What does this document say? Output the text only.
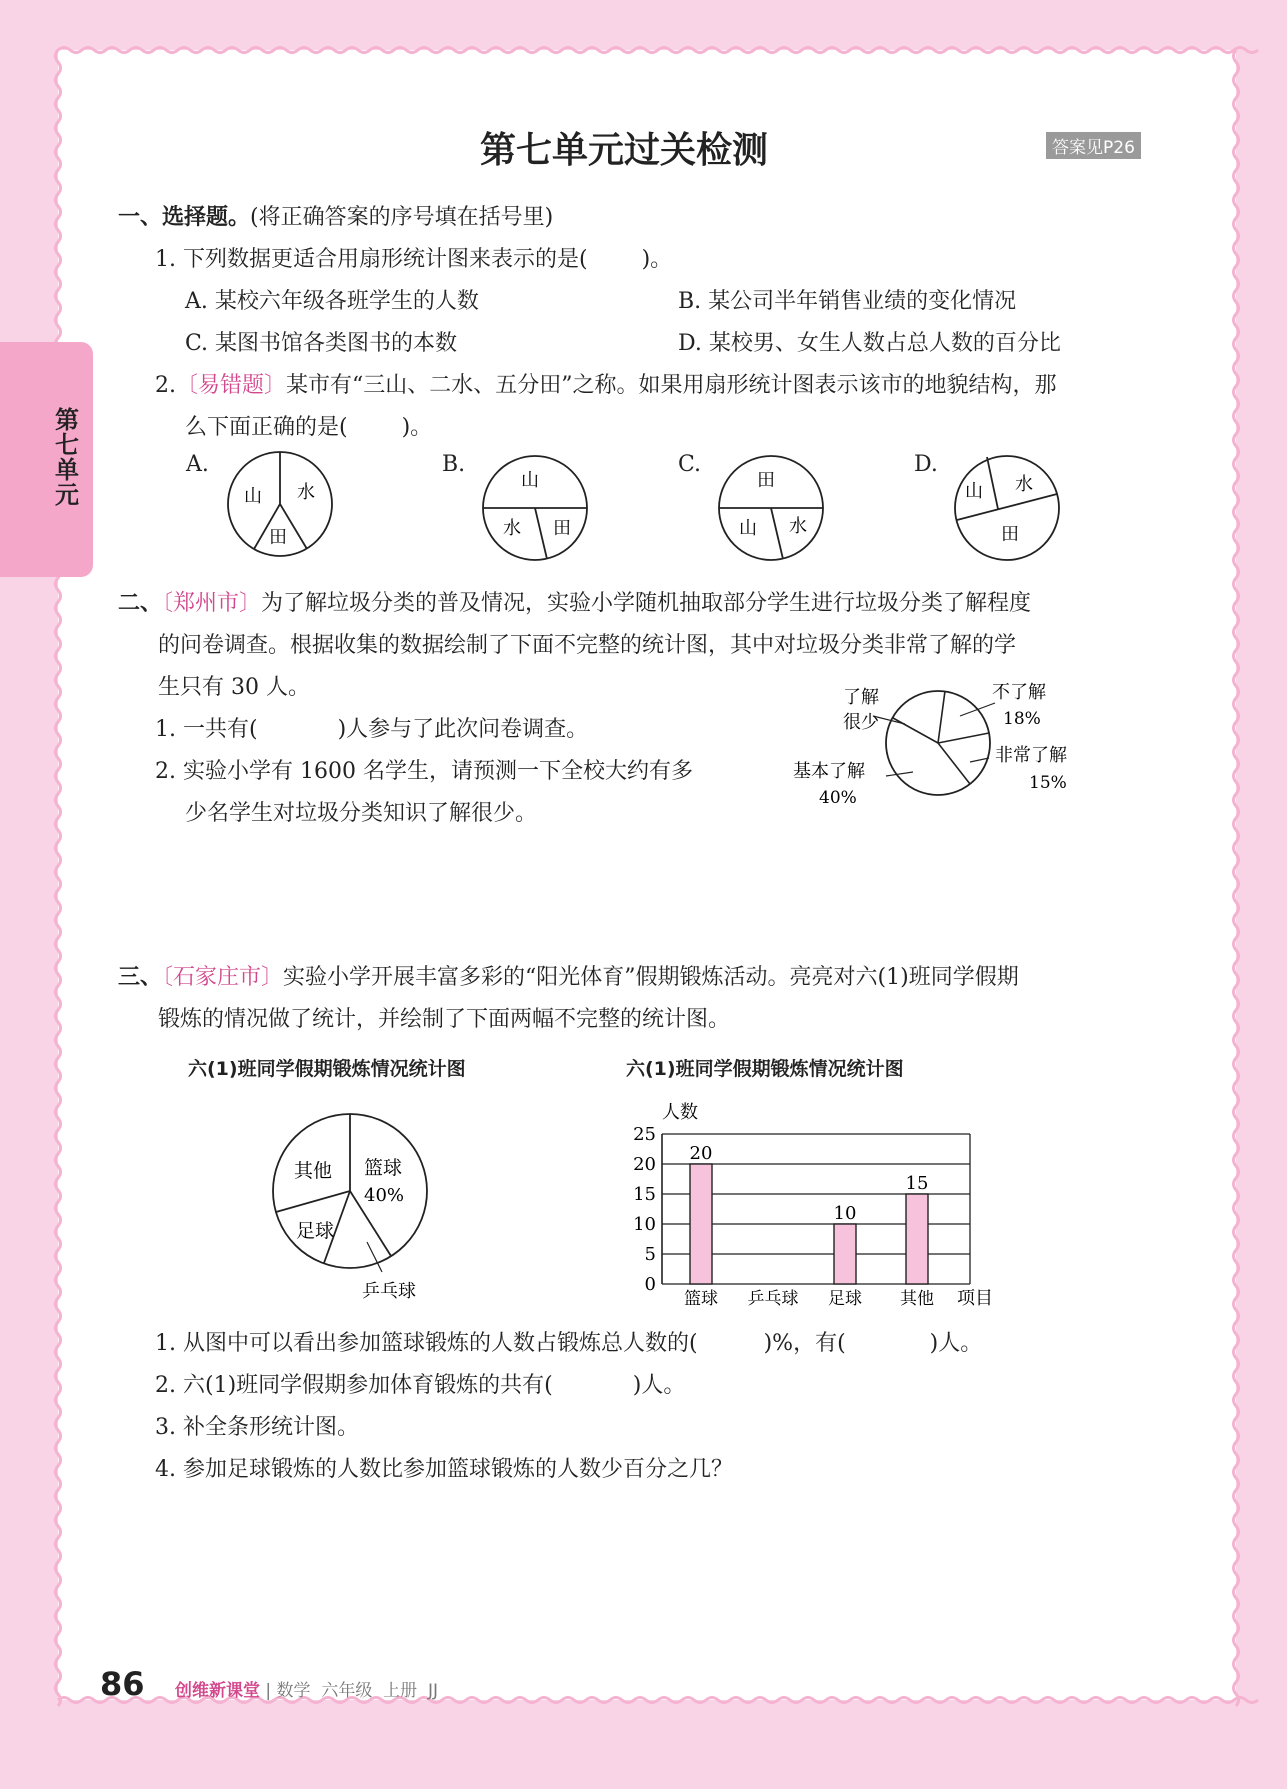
第
七
单
元
第七单元过关检测	答案见P26
一、选择题。(将正确答案的序号填在括号里)
1. 下列数据更适合用扇形统计图来表示的是( )。
A. 某校六年级各班学生的人数	B. 某公司半年销售业绩的变化情况
C. 某图书馆各类图书的本数	D. 某校男、女生人数占总人数的百分比
2.〔易错题〕某市有“三山、二水、五分田”之称。如果用扇形统计图表示该市的地貌结构，那
么下面正确的是( )。
A.	B.	C.	D.
山 水
田
山
水 田
田
山 水
山 水
田
二、〔郑州市〕为了解垃圾分类的普及情况，实验小学随机抽取部分学生进行垃圾分类了解程度
的问卷调查。根据收集的数据绘制了下面不完整的统计图，其中对垃圾分类非常了解的学
生只有 30 人。
1. 一共有(	)人参与了此次问卷调查。
2. 实验小学有 1600 名学生，请预测一下全校大约有多
少名学生对垃圾分类知识了解很少。
了解
很少
不了解
18%
非常了解
15%
基本了解
40%
三、〔石家庄市〕实验小学开展丰富多彩的“阳光体育”假期锻炼活动。亮亮对六(1)班同学假期
锻炼的情况做了统计，并绘制了下面两幅不完整的统计图。
六(1)班同学假期锻炼情况统计图	六(1)班同学假期锻炼情况统计图
其他 篮球
40%
足球
乒乓球
人数
项目
0
5
10
15
20
25
20
10
15
篮球 乒乓球 足球 其他
1. 从图中可以看出参加篮球锻炼的人数占锻炼总人数的(	)%，有(	)人。
2. 六(1)班同学假期参加体育锻炼的共有(	)人。
3. 补全条形统计图。
4. 参加足球锻炼的人数比参加篮球锻炼的人数少百分之几？
86 创维新课堂 | 数学 六年级 上册 JJ
